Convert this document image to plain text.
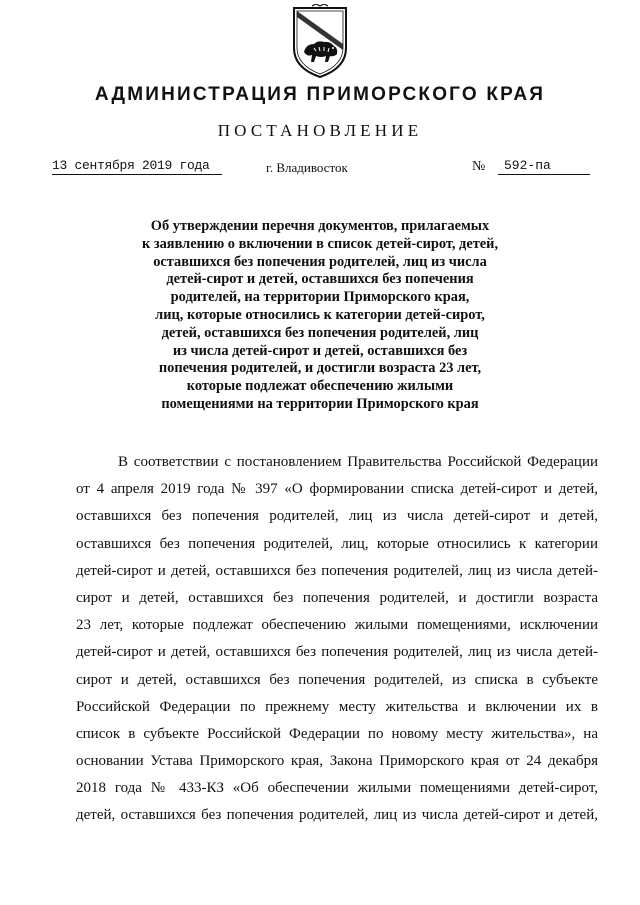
АДМИНИСТРАЦИЯ ПРИМОРСКОГО КРАЯ
ПОСТАНОВЛЕНИЕ
13 сентября 2019 года	г. Владивосток	№	592-па
Об утверждении перечня документов, прилагаемых
к заявлению о включении в список детей-сирот, детей,
оставшихся без попечения родителей, лиц из числа
детей-сирот и детей, оставшихся без попечения
родителей, на территории Приморского края,
лиц, которые относились к категории детей-сирот,
детей, оставшихся без попечения родителей, лиц
из числа детей-сирот и детей, оставшихся без
попечения родителей, и достигли возраста 23 лет,
которые подлежат обеспечению жилыми
помещениями на территории Приморского края
В соответствии с постановлением Правительства Российской Федерации
от 4 апреля 2019 года № 397 «О формировании списка детей-сирот и детей,
оставшихся без попечения родителей, лиц из числа детей-сирот и детей,
оставшихся без попечения родителей, лиц, которые относились к категории
детей-сирот и детей, оставшихся без попечения родителей, лиц из числа детей-
сирот и детей, оставшихся без попечения родителей, и достигли возраста
23 лет, которые подлежат обеспечению жилыми помещениями, исключении
детей-сирот и детей, оставшихся без попечения родителей, лиц из числа детей-
сирот и детей, оставшихся без попечения родителей, из списка в субъекте
Российской Федерации по прежнему месту жительства и включении их в
список в субъекте Российской Федерации по новому месту жительства», на
основании Устава Приморского края, Закона Приморского края от 24 декабря
2018 года № 433-КЗ «Об обеспечении жилыми помещениями детей-сирот,
детей, оставшихся без попечения родителей, лиц из числа детей-сирот и детей,
